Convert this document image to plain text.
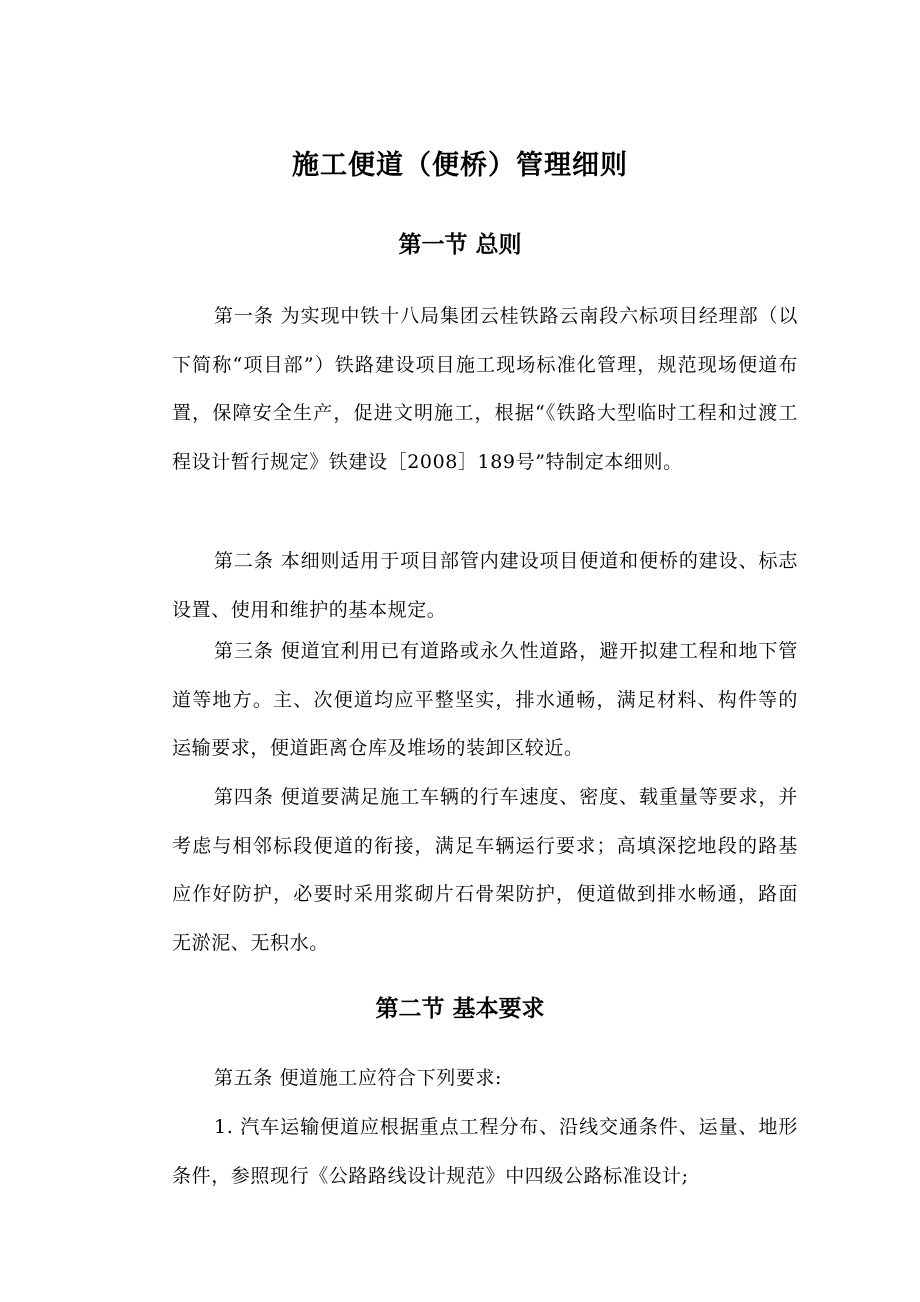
施工便道（便桥）管理细则
第一节 总则
第一条 为实现中铁十八局集团云桂铁路云南段六标项目经理部（以下简称“项目部”）铁路建设项目施工现场标准化管理，规范现场便道布置，保障安全生产，促进文明施工，根据“《铁路大型临时工程和过渡工程设计暂行规定》铁建设［2008］189号”特制定本细则。
第二条 本细则适用于项目部管内建设项目便道和便桥的建设、标志设置、使用和维护的基本规定。
第三条 便道宜利用已有道路或永久性道路，避开拟建工程和地下管道等地方。主、次便道均应平整坚实，排水通畅，满足材料、构件等的运输要求，便道距离仓库及堆场的装卸区较近。
第四条 便道要满足施工车辆的行车速度、密度、载重量等要求，并考虑与相邻标段便道的衔接，满足车辆运行要求；高填深挖地段的路基应作好防护，必要时采用浆砌片石骨架防护，便道做到排水畅通，路面无淤泥、无积水。
第二节 基本要求
第五条 便道施工应符合下列要求:
1. 汽车运输便道应根据重点工程分布、沿线交通条件、运量、地形条件，参照现行《公路路线设计规范》中四级公路标准设计;
